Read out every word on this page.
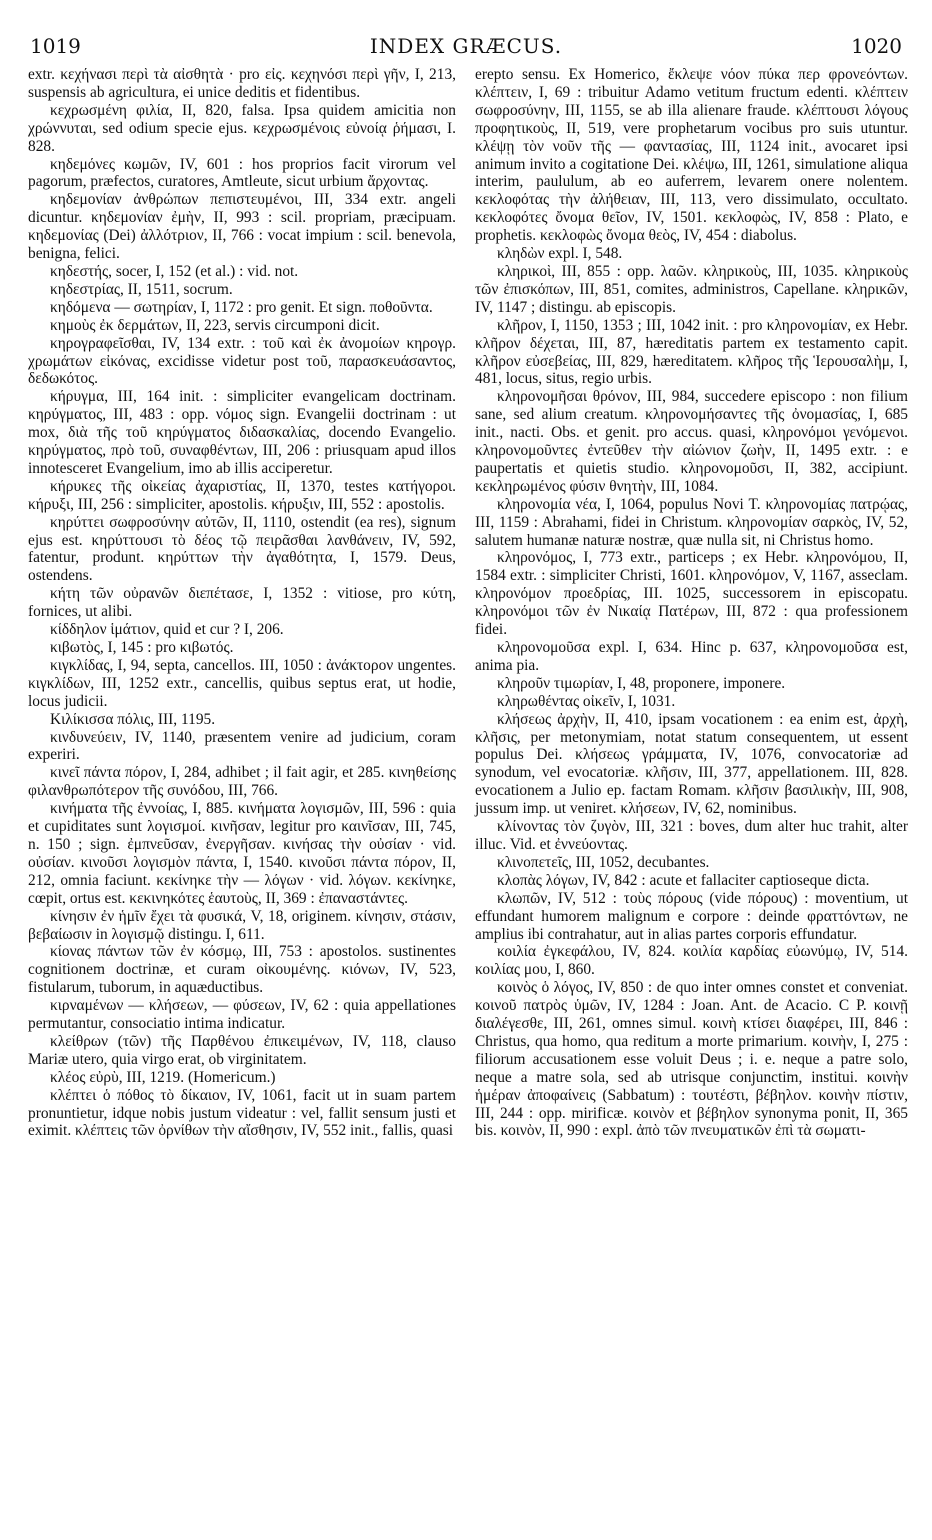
1019	INDEX GRÆCUS.	1020

extr. κεχήνασι περὶ τὰ αἰσθητὰ · pro εἰς. κεχηνόσι περὶ γῆν, I, 213, suspensis ab agricultura, ei unice deditis et fidentibus.

κεχρωσμένη φιλία, II, 820, falsa. Ipsa quidem amicitia non χρώννυται, sed odium specie ejus. κεχρωσμένοις εὐνοίᾳ ῥήμασι, I. 828.

κηδεμόνες κωμῶν, IV, 601 : hos proprios facit virorum vel pagorum, præfectos, curatores, Amtleute, sicut urbium ἄρχοντας.

κηδεμονίαν ἀνθρώπων πεπιστευμένοι, III, 334 extr. angeli dicuntur. κηδεμονίαν ἐμὴν, II, 993 : scil. propriam, præcipuam. κηδεμονίας (Dei) ἀλλότριον, II, 766 : vocat impium : scil. benevola, benigna, felici.

κηδεστής, socer, I, 152 (et al.) : vid. not.

κηδεστρίας, II, 1511, socrum.

κηδόμενα — σωτηρίαν, I, 1172 : pro genit. Et sign. ποθοῦντα.

κημοὺς ἐκ δερμάτων, II, 223, servis circumponi dicit.

κηρογραφεῖσθαι, IV, 134 extr. : τοῦ καὶ ἐκ ἀνομοίων κηρογρ. χρωμάτων εἰκόνας, excidisse videtur post τοῦ, παρασκευάσαντος, δεδωκότος.

κήρυγμα, III, 164 init. : simpliciter evangelicam doctrinam. κηρύγματος, III, 483 : opp. νόμος sign. Evangelii doctrinam : ut mox, διὰ τῆς τοῦ κηρύγματος διδασκαλίας, docendo Evangelio. κηρύγματος, πρὸ τοῦ, συναφθέντων, III, 206 : priusquam apud illos innotesceret Evangelium, imo ab illis acciperetur.

κήρυκες τῆς οἰκείας ἀχαριστίας, II, 1370, testes κατήγοροι. κήρυξι, III, 256 : simpliciter, apostolis. κήρυξιν, III, 552 : apostolis.

κηρύττει σωφροσύνην αὐτῶν, II, 1110, ostendit (ea res), signum ejus est. κηρύττουσι τὸ δέος τῷ πειρᾶσθαι λανθάνειν, IV, 592, fatentur, produnt. κηρύττων τὴν ἀγαθότητα, I, 1579. Deus, ostendens.

κήτη τῶν οὐρανῶν διεπέτασε, I, 1352 : vitiose, pro κύτη, fornices, ut alibi.

κίδδηλον ἱμάτιον, quid et cur ? I, 206.

κιβωτὸς, I, 145 : pro κιβωτός.

κιγκλίδας, I, 94, septa, cancellos. III, 1050 : ἀνάκτορον ungentes. κιγκλίδων, III, 1252 extr., cancellis, quibus septus erat, ut hodie, locus judicii.

Κιλίκισσα πόλις, III, 1195.

κινδυνεύειν, IV, 1140, præsentem venire ad judicium, coram experiri.

κινεῖ πάντα πόρον, I, 284, adhibet ; il fait agir, et 285. κινηθείσης φιλανθρωπότερον τῆς συνόδου, III, 766.

κινήματα τῆς ἐννοίας, I, 885. κινήματα λογισμῶν, III, 596 : quia et cupiditates sunt λογισμοί. κινῆσαν, legitur pro καινῖσαν, III, 745, n. 150 ; sign. ἐμπνεῦσαν, ἐνεργῆσαν. κινήσας τὴν οὐσίαν · vid. οὐσίαν. κινοῦσι λογισμὸν πάντα, I, 1540. κινοῦσι πάντα πόρον, II, 212, omnia faciunt. κεκίνηκε τὴν — λόγων · vid. λόγων. κεκίνηκε, cœpit, ortus est. κεκινηκότες ἑαυτοὺς, II, 369 : ἐπαναστάντες.

κίνησιν ἐν ἡμῖν ἔχει τὰ φυσικά, V, 18, originem. κίνησιν, στάσιν, βεβαίωσιν in λογισμῷ distingu. I, 611.

κίονας πάντων τῶν ἐν κόσμῳ, III, 753 : apostolos. sustinentes cognitionem doctrinæ, et curam οἰκουμένης. κιόνων, IV, 523, fistularum, tuborum, in aquæductibus.

κιρναμένων — κλήσεων, — φύσεων, IV, 62 : quia appellationes permutantur, consociatio intima indicatur.

κλείθρων (τῶν) τῆς Παρθένου ἐπικειμένων, IV, 118, clauso Mariæ utero, quia virgo erat, ob virginitatem.

κλέος εὐρὺ, III, 1219. (Homericum.)

κλέπτει ὁ πόθος τὸ δίκαιον, IV, 1061, facit ut in suam partem pronuntietur, idque nobis justum videatur : vel, fallit sensum justi et eximit. κλέπτεις τῶν ὀρνίθων τὴν αἴσθησιν, IV, 552 init., fallis, quasi

erepto sensu. Ex Homerico, ἔκλεψε νόον πύκα περ φρονεόντων. κλέπτειν, I, 69 : tribuitur Adamo vetitum fructum edenti. κλέπτειν σωφροσύνην, III, 1155, se ab illa alienare fraude. κλέπτουσι λόγους προφητικοὺς, II, 519, vere prophetarum vocibus pro suis utuntur. κλέψῃ τὸν νοῦν τῆς — φαντασίας, III, 1124 init., avocaret ipsi animum invito a cogitatione Dei. κλέψω, III, 1261, simulatione aliqua interim, paululum, ab eo auferrem, levarem onere nolentem. κεκλοφότας τὴν ἀλήθειαν, III, 113, vero dissimulato, occultato. κεκλοφότες ὄνομα θεῖον, IV, 1501. κεκλοφὼς, IV, 858 : Plato, e prophetis. κεκλοφὼς ὄνομα θεὸς, IV, 454 : diabolus.

κληδὼν expl. I, 548.

κληρικοὶ, III, 855 : opp. λαῶν. κληρικοὺς, III, 1035. κληρικοὺς τῶν ἐπισκόπων, III, 851, comites, administros, Capellane. κληρικῶν, IV, 1147 ; distingu. ab episcopis.

κλῆρον, I, 1150, 1353 ; III, 1042 init. : pro κληρονομίαν, ex Hebr. κλῆρον δέχεται, III, 87, hæreditatis partem ex testamento capit. κλῆρον εὐσεβείας, III, 829, hæreditatem. κλῆρος τῆς Ἱερουσαλὴμ, I, 481, locus, situs, regio urbis.

κληρονομῆσαι θρόνον, III, 984, succedere episcopo : non filium sane, sed alium creatum. κληρονομήσαντες τῆς ὀνομασίας, I, 685 init., nacti. Obs. et genit. pro accus. quasi, κληρονόμοι γενόμενοι. κληρονομοῦντες ἐντεῦθεν τὴν αἰώνιον ζωὴν, II, 1495 extr. : e paupertatis et quietis studio. κληρονομοῦσι, II, 382, accipiunt. κεκληρωμένος φύσιν θνητὴν, III, 1084.

κληρονομία νέα, I, 1064, populus Novi T. κληρονομίας πατρῴας, III, 1159 : Abrahami, fidei in Christum. κληρονομίαν σαρκὸς, IV, 52, salutem humanæ naturæ nostræ, quæ nulla sit, ni Christus homo.

κληρονόμος, I, 773 extr., particeps ; ex Hebr. κληρονόμου, II, 1584 extr. : simpliciter Christi, 1601. κληρονόμον, V, 1167, asseclam. κληρονόμον προεδρίας, III. 1025, successorem in episcopatu. κληρονόμοι τῶν ἐν Νικαίᾳ Πατέρων, III, 872 : qua professionem fidei.

κληρονομοῦσα expl. I, 634. Hinc p. 637, κληρονομοῦσα est, anima pia.

κληροῦν τιμωρίαν, I, 48, proponere, imponere.

κληρωθέντας οἰκεῖν, I, 1031.

κλήσεως ἀρχὴν, II, 410, ipsam vocationem : ea enim est, ἀρχὴ, κλῆσις, per metonymiam, notat statum consequentem, ut essent populus Dei. κλήσεως γράμματα, IV, 1076, convocatoriæ ad synodum, vel evocatoriæ. κλῆσιν, III, 377, appellationem. III, 828. evocationem a Julio ep. factam Romam. κλῆσιν βασιλικὴν, III, 908, jussum imp. ut veniret. κλήσεων, IV, 62, nominibus.

κλίνοντας τὸν ζυγὸν, III, 321 : boves, dum alter huc trahit, alter illuc. Vid. et ἐννεύοντας.

κλινοπετεῖς, III, 1052, decubantes.

κλοπὰς λόγων, IV, 842 : acute et fallaciter captioseque dicta.

κλωπῶν, IV, 512 : τοὺς πόρους (vide πόρους) : moventium, ut effundant humorem malignum e corpore : deinde φραττόντων, ne amplius ibi contrahatur, aut in alias partes corporis effundatur.

κοιλία ἐγκεφάλου, IV, 824. κοιλία καρδίας εὐωνύμῳ, IV, 514. κοιλίας μου, I, 860.

κοινὸς ὁ λόγος, IV, 850 : de quo inter omnes constet et conveniat. κοινοῦ πατρὸς ὑμῶν, IV, 1284 : Joan. Ant. de Acacio. C P. κοινῇ διαλέγεσθε, III, 261, omnes simul. κοινὴ κτίσει διαφέρει, III, 846 : Christus, qua homo, qua reditum a morte primarium. κοινὴν, I, 275 : filiorum accusationem esse voluit Deus ; i. e. neque a patre solo, neque a matre sola, sed ab utrisque conjunctim, institui. κοινὴν ἡμέραν ἀποφαίνεις (Sabbatum) : τουτέστι, βέβηλον. κοινὴν πίστιν, III, 244 : opp. mirificæ. κοινὸν et βέβηλον synonyma ponit, II, 365 bis. κοινὸν, II, 990 : expl. ἀπὸ τῶν πνευματικῶν ἐπὶ τὰ σωματι-
